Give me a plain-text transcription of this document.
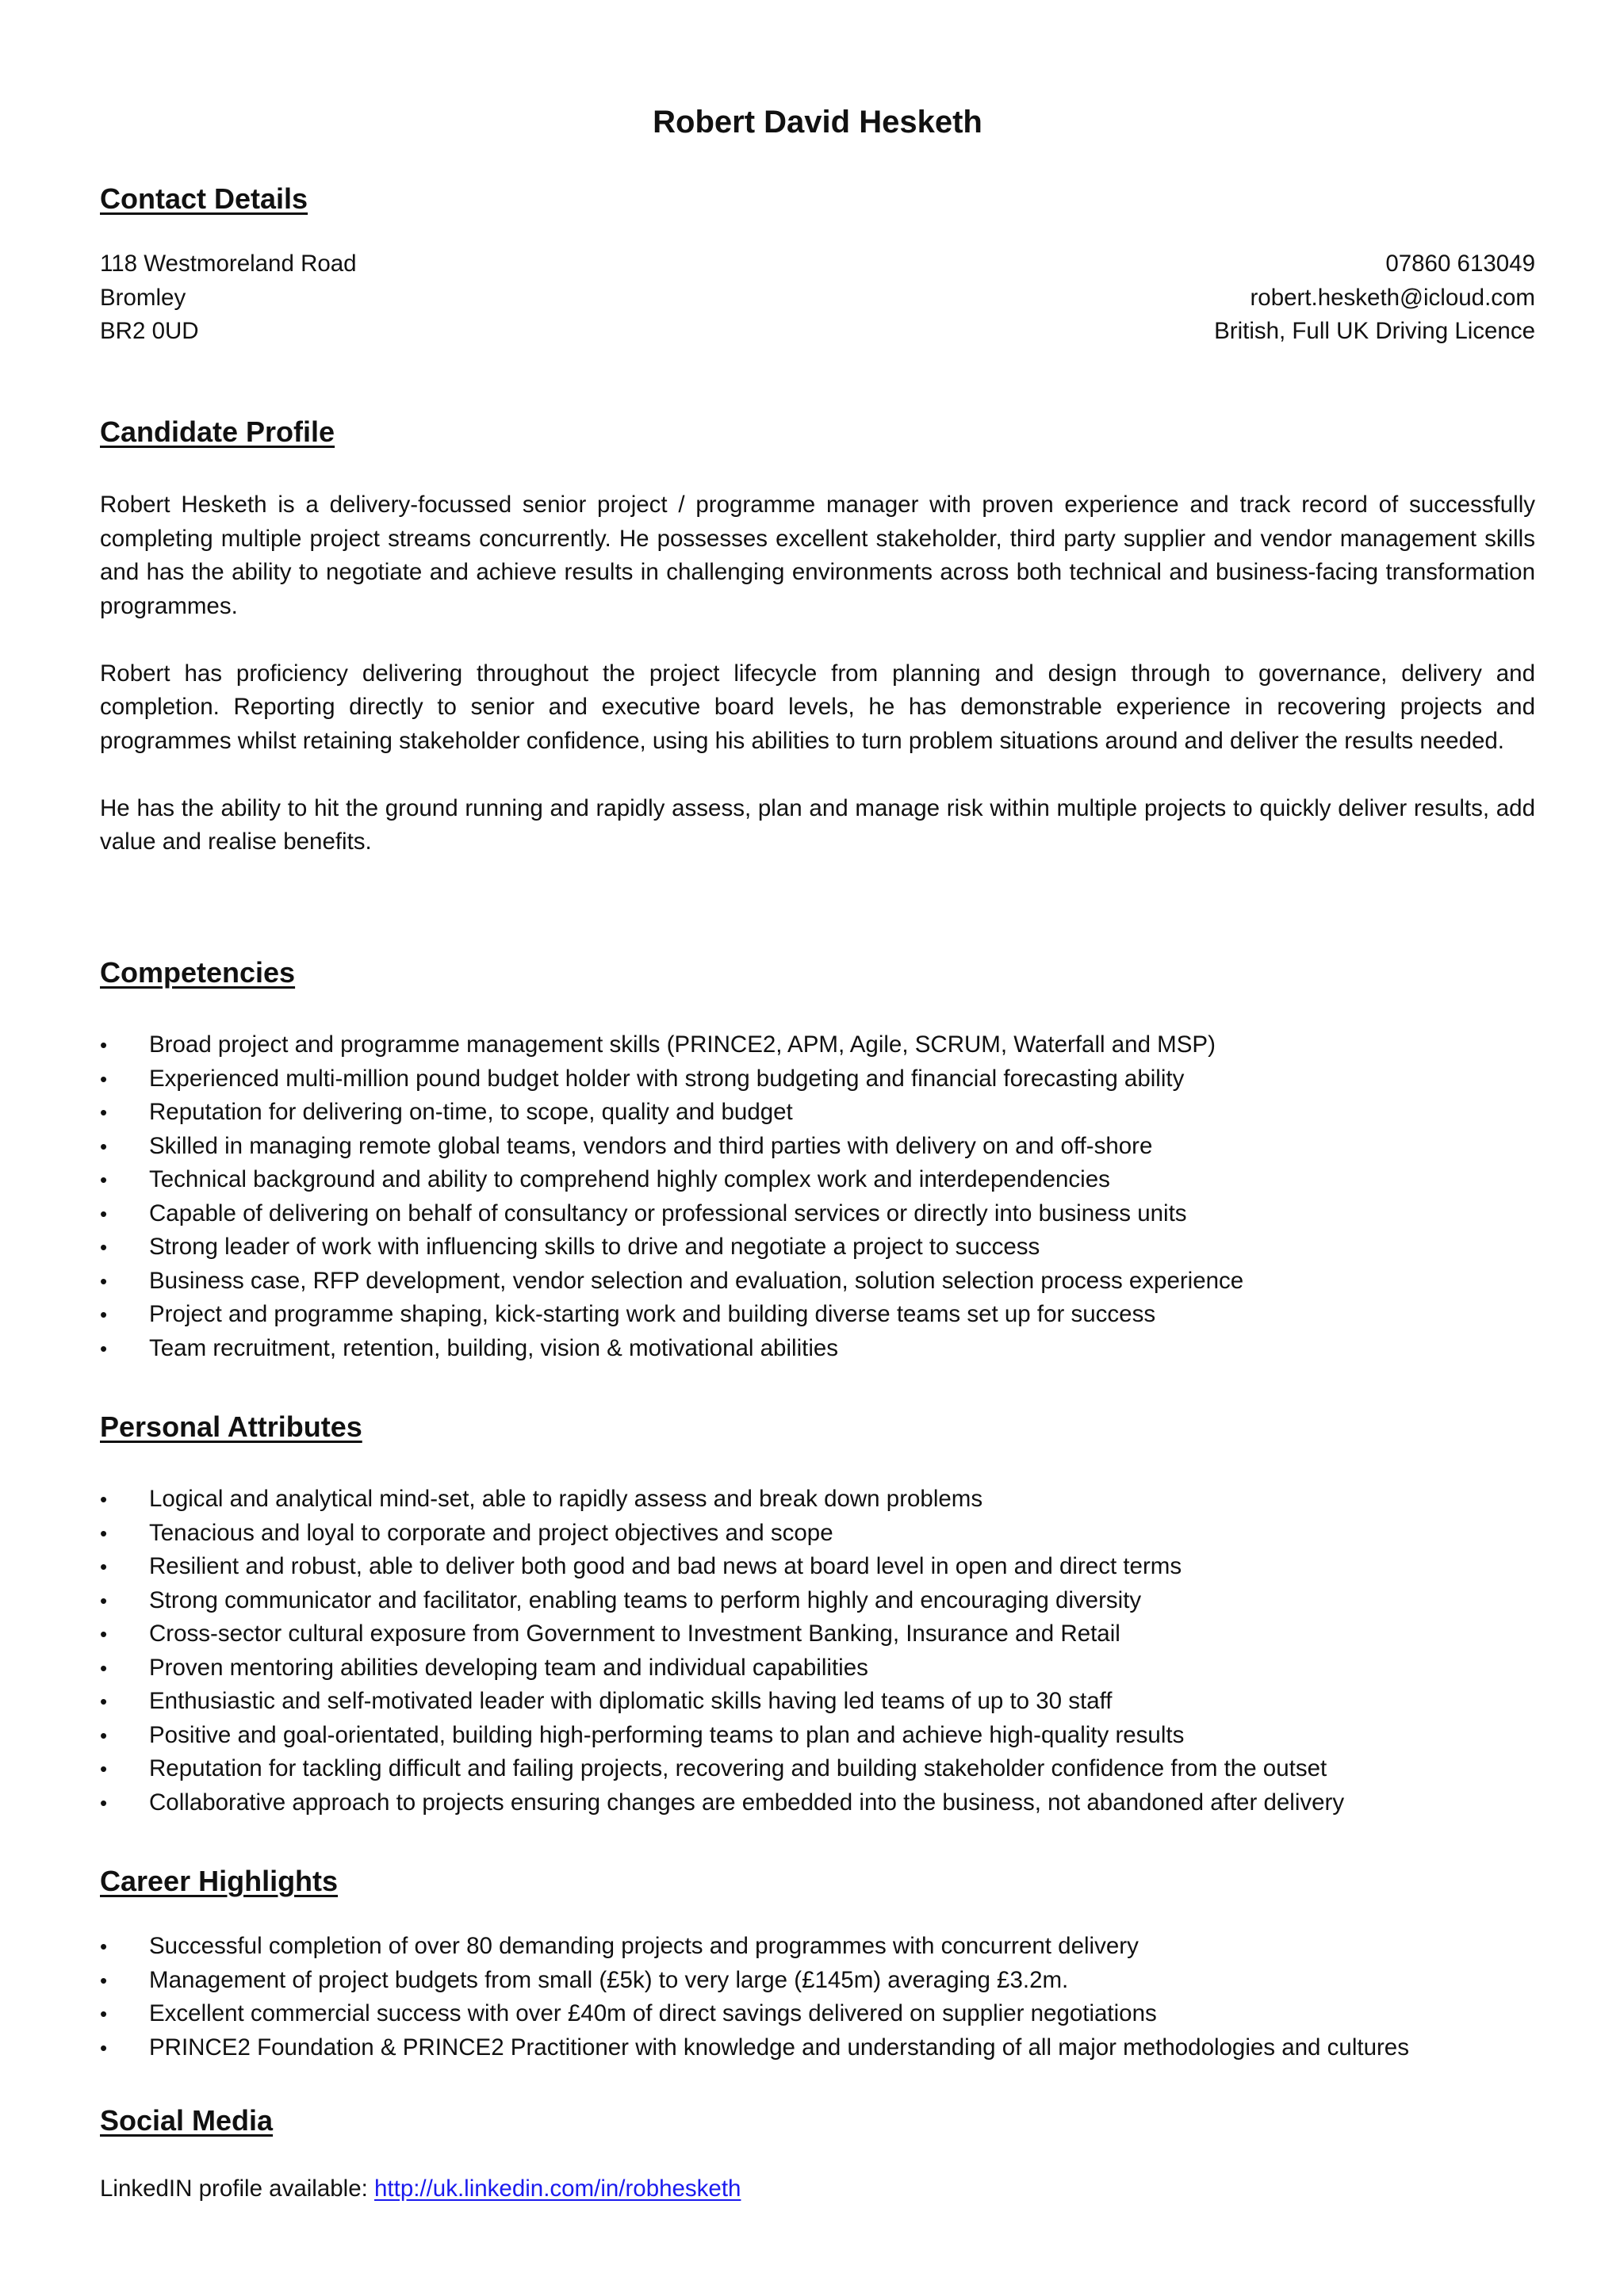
Robert David Hesketh
Contact Details
118 Westmoreland Road
Bromley
BR2 0UD
07860 613049
robert.hesketh@icloud.com
British, Full UK Driving Licence
Candidate Profile

Robert Hesketh is a delivery-focussed senior project / programme manager with proven experience and track record of successfully completing multiple project streams concurrently. He possesses excellent stakeholder, third party supplier and vendor management skills and has the ability to negotiate and achieve results in challenging environments across both technical and business-facing transformation programmes.

Robert has proficiency delivering throughout the project lifecycle from planning and design through to governance, delivery and completion. Reporting directly to senior and executive board levels, he has demonstrable experience in recovering projects and programmes whilst retaining stakeholder confidence, using his abilities to turn problem situations around and deliver the results needed.

He has the ability to hit the ground running and rapidly assess, plan and manage risk within multiple projects to quickly deliver results, add value and realise benefits.

Competencies
•	Broad project and programme management skills (PRINCE2, APM, Agile, SCRUM, Waterfall and MSP)
•	Experienced multi-million pound budget holder with strong budgeting and financial forecasting ability
•	Reputation for delivering on-time, to scope, quality and budget
•	Skilled in managing remote global teams, vendors and third parties with delivery on and off-shore
•	Technical background and ability to comprehend highly complex work and interdependencies
•	Capable of delivering on behalf of consultancy or professional services or directly into business units
•	Strong leader of work with influencing skills to drive and negotiate a project to success
•	Business case, RFP development, vendor selection and evaluation, solution selection process experience
•	Project and programme shaping, kick-starting work and building diverse teams set up for success
•	Team recruitment, retention, building, vision & motivational abilities
Personal Attributes
•	Logical and analytical mind-set, able to rapidly assess and break down problems
•	Tenacious and loyal to corporate and project objectives and scope
•	Resilient and robust, able to deliver both good and bad news at board level in open and direct terms
•	Strong communicator and facilitator, enabling teams to perform highly and encouraging diversity
•	Cross-sector cultural exposure from Government to Investment Banking, Insurance and Retail
•	Proven mentoring abilities developing team and individual capabilities
•	Enthusiastic and self-motivated leader with diplomatic skills having led teams of up to 30 staff
•	Positive and goal-orientated, building high-performing teams to plan and achieve high-quality results
•	Reputation for tackling difficult and failing projects, recovering and building stakeholder confidence from the outset
•	Collaborative approach to projects ensuring changes are embedded into the business, not abandoned after delivery
Career Highlights
•	Successful completion of over 80 demanding projects and programmes with concurrent delivery
•	Management of project budgets from small (£5k) to very large (£145m) averaging £3.2m.
•	Excellent commercial success with over £40m of direct savings delivered on supplier negotiations
•	PRINCE2 Foundation & PRINCE2 Practitioner with knowledge and understanding of all major methodologies and cultures
Social Media
LinkedIN profile available: http://uk.linkedin.com/in/robhesketh
